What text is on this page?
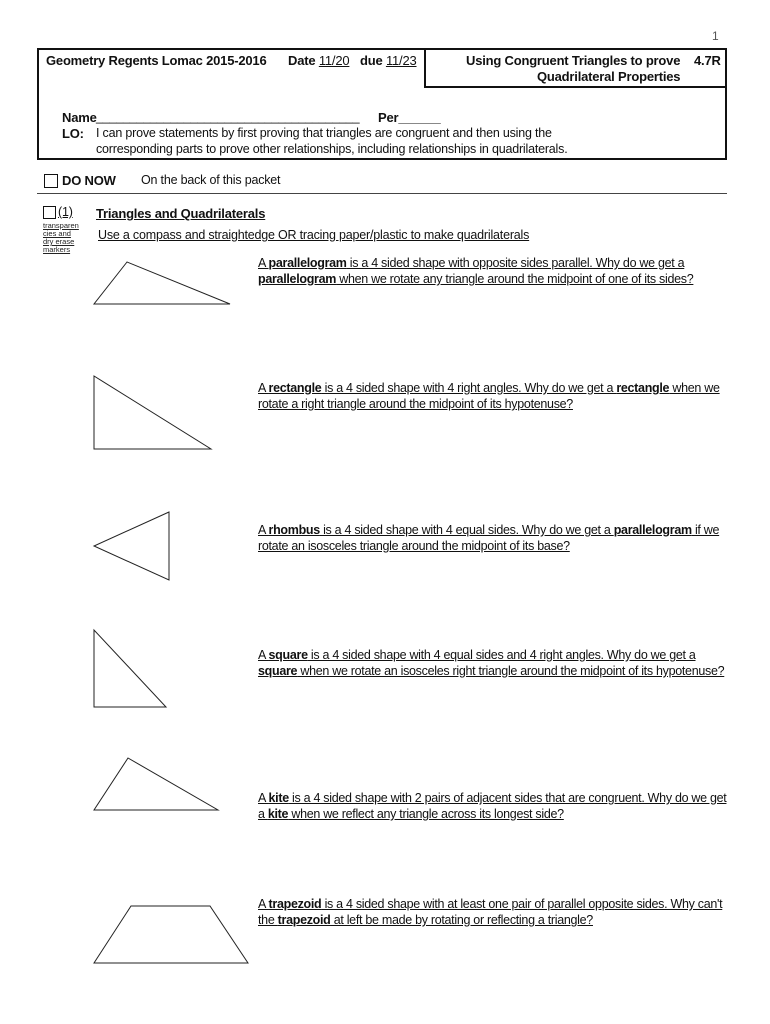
1
Geometry Regents Lomac 2015-2016 Date 11/20 due 11/23	Using Congruent Triangles to prove
Quadrilateral Properties
4.7R
Name _______________________________________ Per______
LO: I can prove statements by first proving that triangles are congruent and then using the
corresponding parts to prove other relationships, including relationships in quadrilaterals.
DO NOW On the back of this packet
(1) Triangles and Quadrilaterals
transparen
cies and
dry erase
markers
Use a compass and straightedge OR tracing paper/plastic to make quadrilaterals
A parallelogram is a 4 sided shape with opposite sides parallel. Why do we get a parallelogram when we rotate any triangle around the midpoint of one of its sides?
A rectangle is a 4 sided shape with 4 right angles. Why do we get a rectangle when we rotate a right triangle around the midpoint of its hypotenuse?
A rhombus is a 4 sided shape with 4 equal sides. Why do we get a parallelogram if we rotate an isosceles triangle around the midpoint of its base?
A square is a 4 sided shape with 4 equal sides and 4 right angles. Why do we get a square when we rotate an isosceles right triangle around the midpoint of its hypotenuse?
A kite is a 4 sided shape with 2 pairs of adjacent sides that are congruent. Why do we get a kite when we reflect any triangle across its longest side?
A trapezoid is a 4 sided shape with at least one pair of parallel opposite sides. Why can't the trapezoid at left be made by rotating or reflecting a triangle?
